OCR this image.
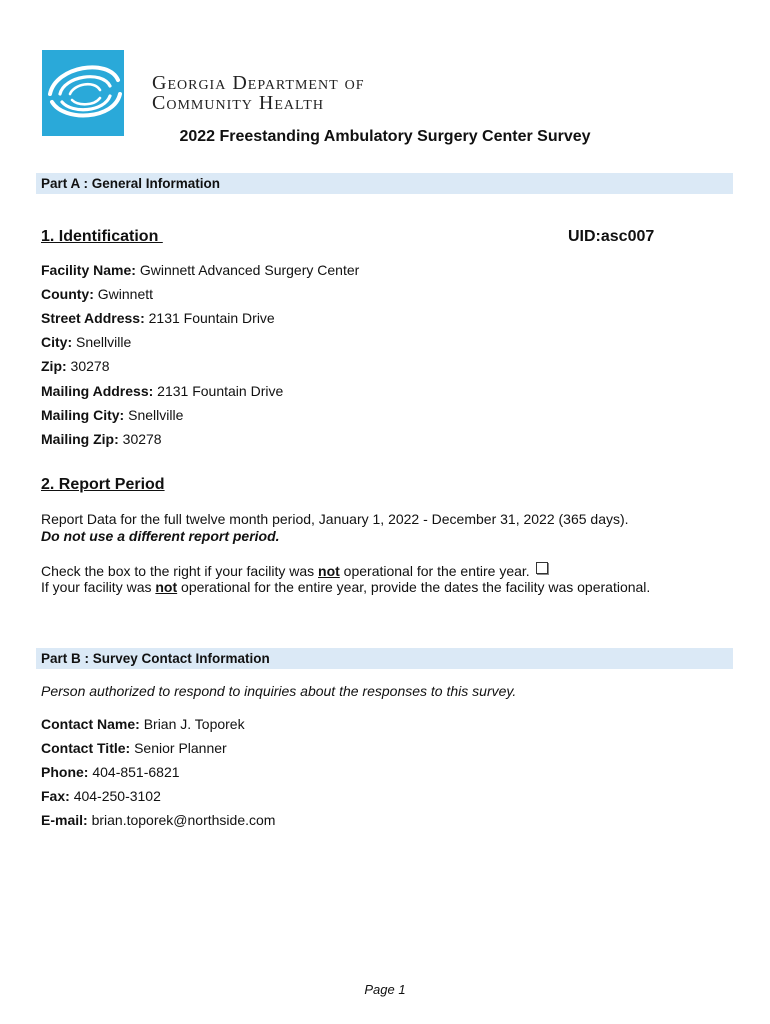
Georgia Department of
Community Health
2022 Freestanding Ambulatory Surgery Center Survey
Part A : General Information
1. Identification	UID:asc007
Facility Name: Gwinnett Advanced Surgery Center
County: Gwinnett
Street Address: 2131 Fountain Drive
City: Snellville
Zip: 30278
Mailing Address: 2131 Fountain Drive
Mailing City: Snellville
Mailing Zip: 30278
2. Report Period
Report Data for the full twelve month period, January 1, 2022 - December 31, 2022 (365 days).
Do not use a different report period.
Check the box to the right if your facility was not operational for the entire year.
If your facility was not operational for the entire year, provide the dates the facility was operational.
Part B : Survey Contact Information
Person authorized to respond to inquiries about the responses to this survey.
Contact Name: Brian J. Toporek
Contact Title: Senior Planner
Phone: 404-851-6821
Fax: 404-250-3102
E-mail: brian.toporek@northside.com
Page 1
